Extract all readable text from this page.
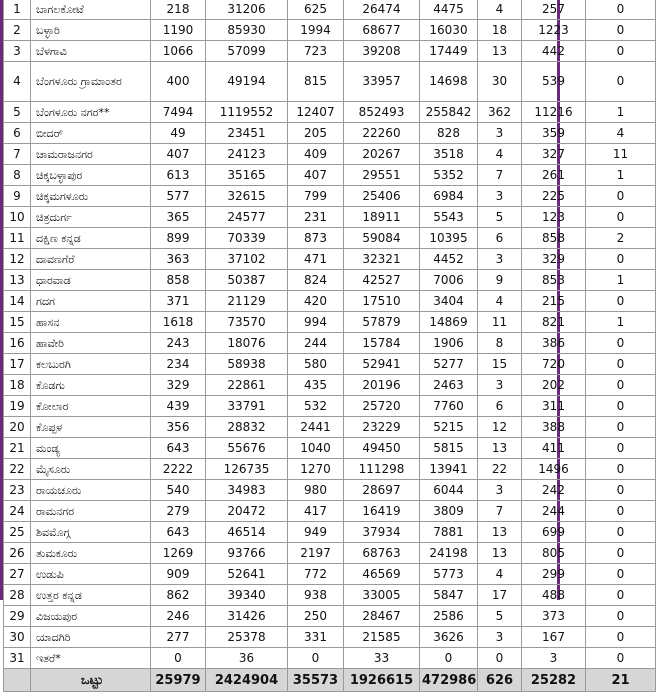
1	ಬಾಗಲಕೋಟೆ	218	31206	625	26474	4475	4	257	0
2	ಬಳ್ಳಾರಿ	1190	85930	1994	68677	16030	18	1223	0
3	ಬೆಳಗಾವಿ	1066	57099	723	39208	17449	13	442	0
4	ಬೆಂಗಳೂರು ಗ್ರಾಮಾಂತರ	400	49194	815	33957	14698	30	539	0
5	ಬೆಂಗಳೂರು ನಗರ**	7494	1119552	12407	852493	255842	362	11216	1
6	ಬೀದರ್	49	23451	205	22260	828	3	359	4
7	ಚಾಮರಾಜನಗರ	407	24123	409	20267	3518	4	327	11
8	ಚಿಕ್ಕಬಳ್ಳಾಪುರ	613	35165	407	29551	5352	7	261	1
9	ಚಿಕ್ಕಮಗಳೂರು	577	32615	799	25406	6984	3	225	0
10	ಚಿತ್ರದುರ್ಗ	365	24577	231	18911	5543	5	123	0
11	ದಕ್ಷಿಣ ಕನ್ನಡ	899	70339	873	59084	10395	6	858	2
12	ದಾವಣಗೆರೆ	363	37102	471	32321	4452	3	329	0
13	ಧಾರವಾಡ	858	50387	824	42527	7006	9	853	1
14	ಗದಗ	371	21129	420	17510	3404	4	215	0
15	ಹಾಸನ	1618	73570	994	57879	14869	11	821	1
16	ಹಾವೇರಿ	243	18076	244	15784	1906	8	386	0
17	ಕಲಬುರಗಿ	234	58938	580	52941	5277	15	720	0
18	ಕೊಡಗು	329	22861	435	20196	2463	3	202	0
19	ಕೋಲಾರ	439	33791	532	25720	7760	6	311	0
20	ಕೊಪ್ಪಳ	356	28832	2441	23229	5215	12	388	0
21	ಮಂಡ್ಯ	643	55676	1040	49450	5815	13	411	0
22	ಮೈಸೂರು	2222	126735	1270	111298	13941	22	1496	0
23	ರಾಯಚೂರು	540	34983	980	28697	6044	3	242	0
24	ರಾಮನಗರ	279	20472	417	16419	3809	7	244	0
25	ಶಿವಮೊಗ್ಗ	643	46514	949	37934	7881	13	699	0
26	ತುಮಕೂರು	1269	93766	2197	68763	24198	13	805	0
27	ಉಡುಪಿ	909	52641	772	46569	5773	4	299	0
28	ಉತ್ತರ ಕನ್ನಡ	862	39340	938	33005	5847	17	488	0
29	ವಿಜಯಪುರ	246	31426	250	28467	2586	5	373	0
30	ಯಾದಗಿರಿ	277	25378	331	21585	3626	3	167	0
31	ಇತರೆ*	0	36	0	33	0	0	3	0
	ಒಟ್ಟು	25979	2424904	35573	1926615	472986	626	25282	21
